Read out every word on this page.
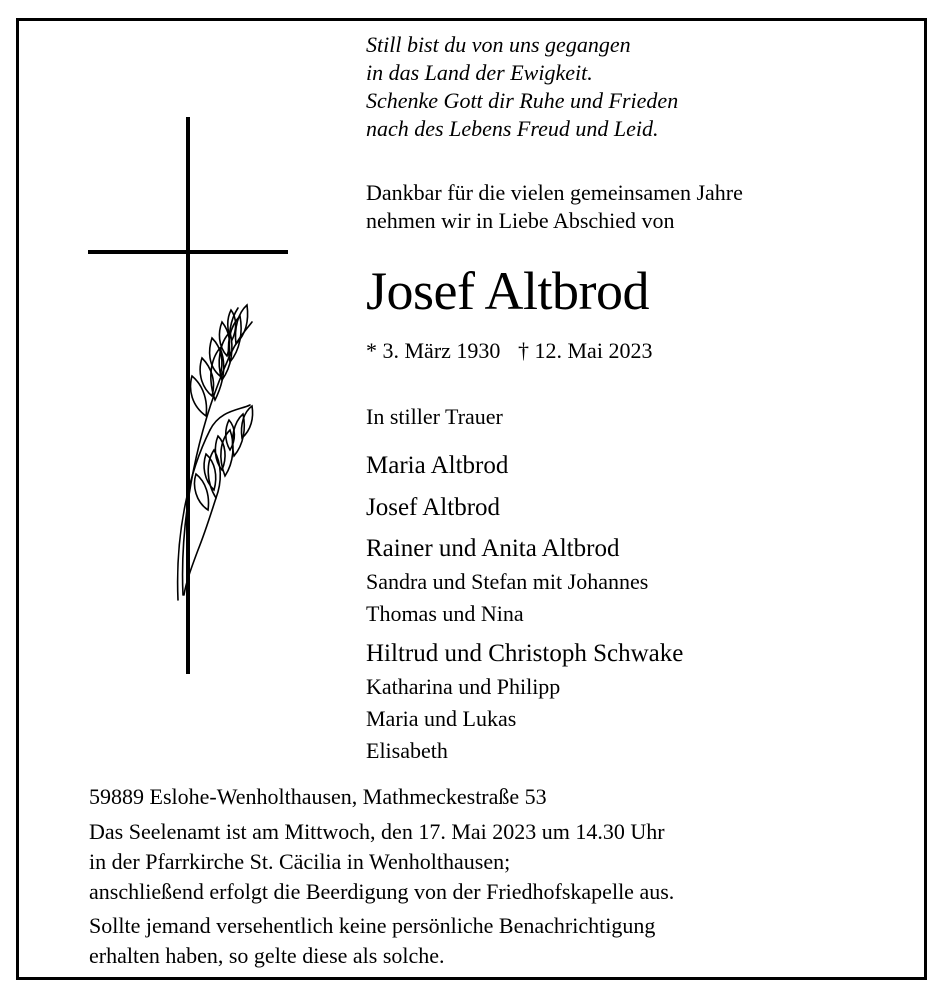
Still bist du von uns gegangen
in das Land der Ewigkeit.
Schenke Gott dir Ruhe und Frieden
nach des Lebens Freud und Leid.
Dankbar für die vielen gemeinsamen Jahre
nehmen wir in Liebe Abschied von
Josef Altbrod
* 3. März 1930 † 12. Mai 2023
In stiller Trauer
Maria Altbrod
Josef Altbrod
Rainer und Anita Altbrod
Sandra und Stefan mit Johannes
Thomas und Nina
Hiltrud und Christoph Schwake
Katharina und Philipp
Maria und Lukas
Elisabeth
59889 Eslohe-Wenholthausen, Mathmeckestraße 53
Das Seelenamt ist am Mittwoch, den 17. Mai 2023 um 14.30 Uhr
in der Pfarrkirche St. Cäcilia in Wenholthausen;
anschließend erfolgt die Beerdigung von der Friedhofskapelle aus.
Sollte jemand versehentlich keine persönliche Benachrichtigung
erhalten haben, so gelte diese als solche.
